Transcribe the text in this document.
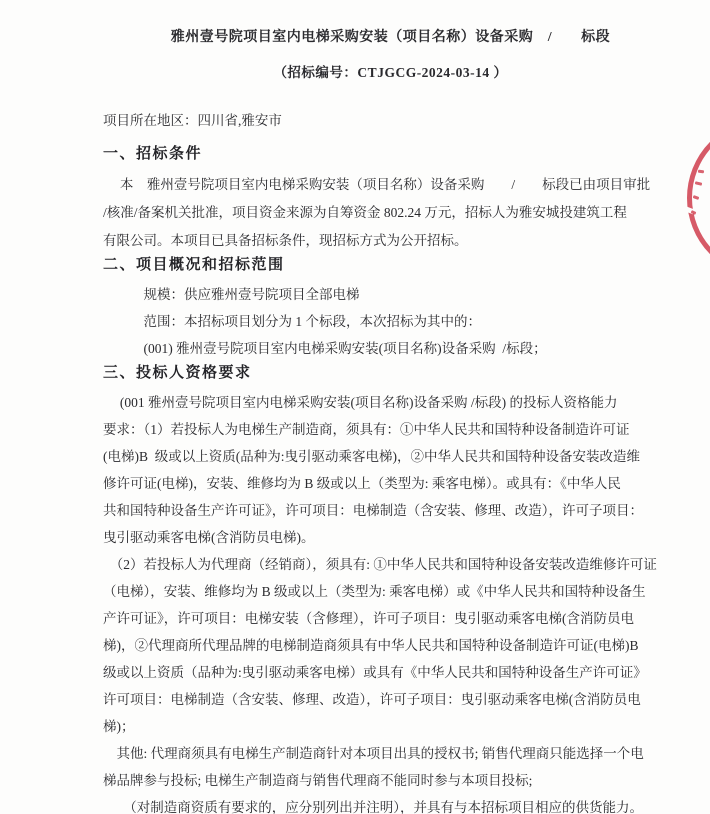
雅州壹号院项目室内电梯采购安装（项目名称）设备采购　/　　标段
（招标编号：CTJGCG-2024-03-14 ）
项目所在地区：四川省,雅安市
一、招标条件
　 本　雅州壹号院项目室内电梯采购安装（项目名称）设备采购　　/　　标段已由项目审批
/核准/备案机关批准，项目资金来源为自筹资金 802.24 万元，招标人为雅安城投建筑工程
有限公司。本项目已具备招标条件，现招标方式为公开招标。
二、项目概况和招标范围
　　　规模：供应雅州壹号院项目全部电梯
　　　范围：本招标项目划分为 1 个标段，本次招标为其中的：
　　　(001) 雅州壹号院项目室内电梯采购安装(项目名称)设备采购  /标段；
三、投标人资格要求
　 (001 雅州壹号院项目室内电梯采购安装(项目名称)设备采购 /标段) 的投标人资格能力
要求：（1）若投标人为电梯生产制造商，须具有：①中华人民共和国特种设备制造许可证
(电梯)B  级或以上资质(品种为:曳引驱动乘客电梯)，②中华人民共和国特种设备安装改造维
修许可证(电梯)，安装、维修均为 B 级或以上（类型为: 乘客电梯）。或具有：《中华人民
共和国特种设备生产许可证》，许可项目：电梯制造（含安装、修理、改造），许可子项目：
曳引驱动乘客电梯(含消防员电梯)。
　（2）若投标人为代理商（经销商），须具有: ①中华人民共和国特种设备安装改造维修许可证
（电梯），安装、维修均为 B 级或以上（类型为: 乘客电梯）或《中华人民共和国特种设备生
产许可证》，许可项目：电梯安装（含修理），许可子项目：曳引驱动乘客电梯(含消防员电
梯)，②代理商所代理品牌的电梯制造商须具有中华人民共和国特种设备制造许可证(电梯)B
级或以上资质（品种为:曳引驱动乘客电梯）或具有《中华人民共和国特种设备生产许可证》
许可项目：电梯制造（含安装、修理、改造），许可子项目：曳引驱动乘客电梯(含消防员电
梯)；
　其他: 代理商须具有电梯生产制造商针对本项目出具的授权书; 销售代理商只能选择一个电
梯品牌参与投标; 电梯生产制造商与销售代理商不能同时参与本项目投标;
　　（对制造商资质有要求的，应分别列出并注明），并具有与本招标项目相应的供货能力。
